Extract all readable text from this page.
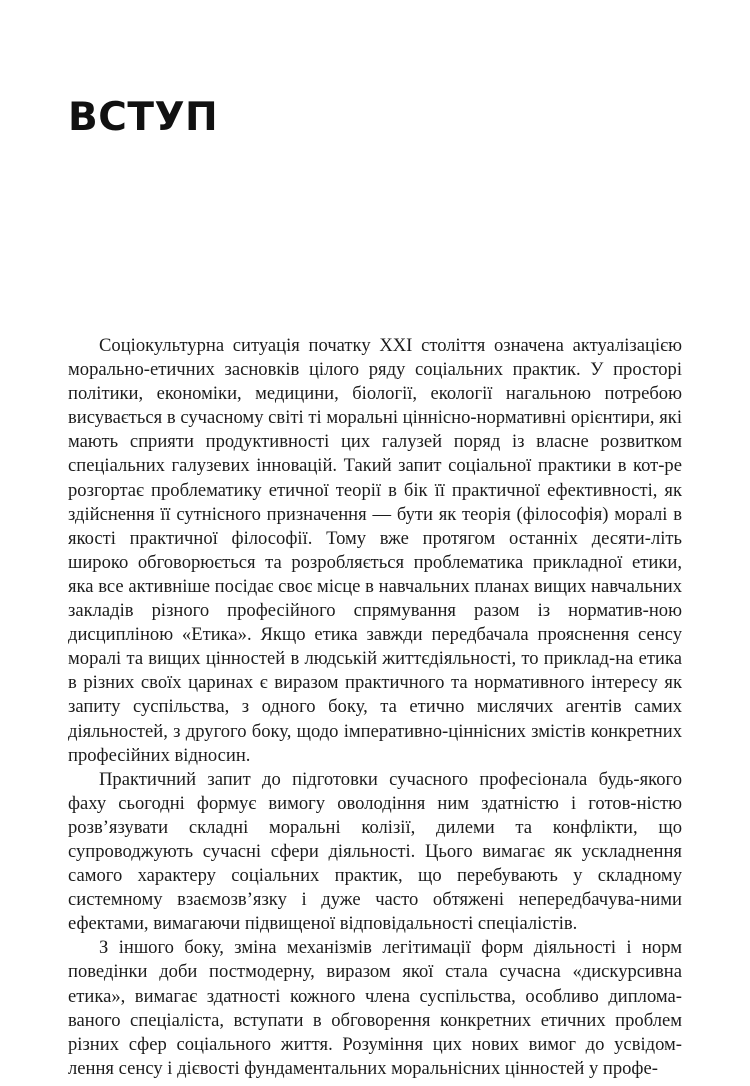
ВСТУП

Соціокультурна ситуація початку XXI століття означена актуалізацією морально-етичних засновків цілого ряду соціальних практик. У просторі політики, економіки, медицини, біології, екології нагальною потребою висувається в сучасному світі ті моральні ціннісно-нормативні орієнтири, які мають сприяти продуктивності цих галузей поряд із власне розвитком спеціальних галузевих інновацій. Такий запит соціальної практики в кот-ре розгортає проблематику етичної теорії в бік її практичної ефективності, як здійснення її сутнісного призначення — бути як теорія (філософія) моралі в якості практичної філософії. Тому вже протягом останніх десяти-літь широко обговорюється та розробляється проблематика прикладної етики, яка все активніше посідає своє місце в навчальних планах вищих навчальних закладів різного професійного спрямування разом із норматив-ною дисципліною «Етика». Якщо етика завжди передбачала прояснення сенсу моралі та вищих цінностей в людській життєдіяльності, то приклад-на етика в різних своїх царинах є виразом практичного та нормативного інтересу як запиту суспільства, з одного боку, та етично мислячих агентів самих діяльностей, з другого боку, щодо імперативно-ціннісних змістів конкретних професійних відносин.

Практичний запит до підготовки сучасного професіонала будь-якого фаху сьогодні формує вимогу оволодіння ним здатністю і готов-ністю розв’язувати складні моральні колізії, дилеми та конфлікти, що супроводжують сучасні сфери діяльності. Цього вимагає як ускладнення самого характеру соціальних практик, що перебувають у складному системному взаємозв’язку і дуже часто обтяжені непередбачува-ними ефектами, вимагаючи підвищеної відповідальності спеціалістів.

З іншого боку, зміна механізмів легітимації форм діяльності і норм поведінки доби постмодерну, виразом якої стала сучасна «дискурсивна етика», вимагає здатності кожного члена суспільства, особливо диплома-ваного спеціаліста, вступати в обговорення конкретних етичних проблем різних сфер соціального життя. Розуміння цих нових вимог до усвідом-лення сенсу і дієвості фундаментальних моральнісних цінностей у профе-
